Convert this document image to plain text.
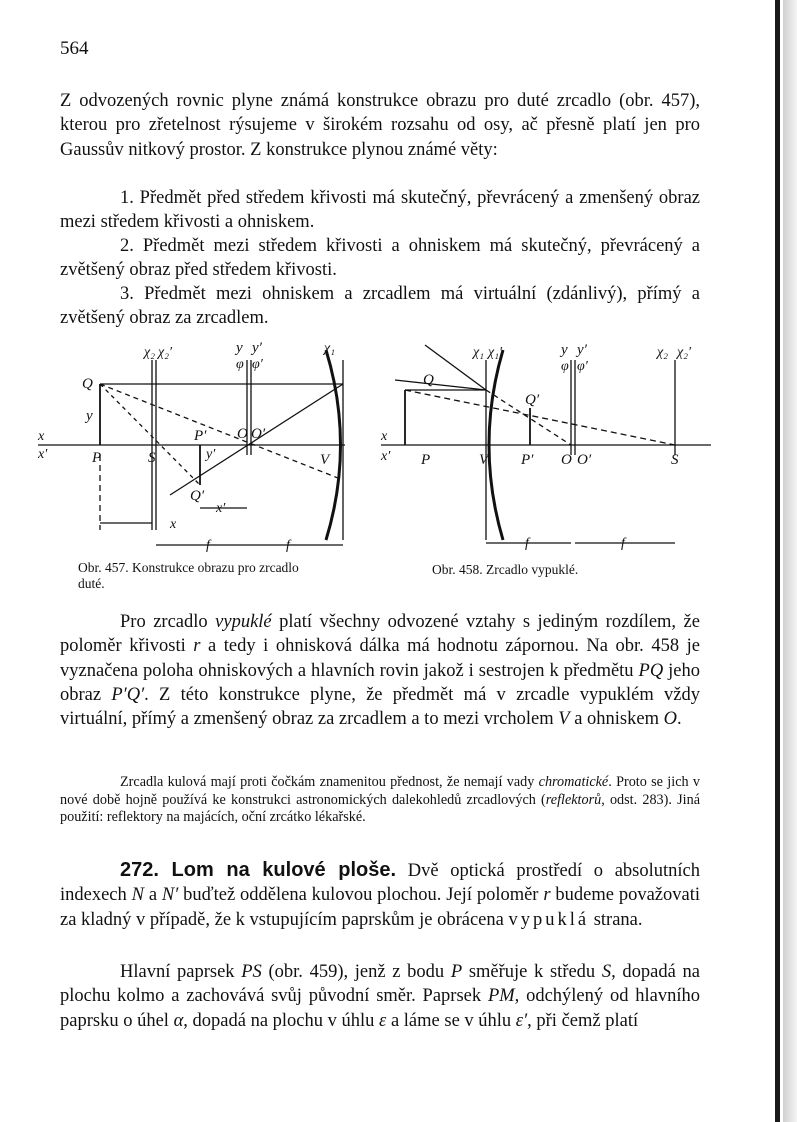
564

Z odvozených rovnic plyne známá konstrukce obrazu pro duté zrcadlo (obr. 457), kterou pro zřetelnost rýsujeme v širokém rozsahu od osy, ač přesně platí jen pro Gaussův nitkový prostor. Z konstrukce plynou známé věty:

1. Předmět před středem křivosti má skutečný, převrácený a zmenšený obraz mezi středem křivosti a ohniskem.

2. Předmět mezi středem křivosti a ohniskem má skutečný, převrácený a zvětšený obraz před středem křivosti.

3. Předmět mezi ohniskem a zrcadlem má virtuální (zdánlivý), přímý a zvětšený obraz za zrcadlem.

χ₂ χ₂′	y y′	χ₁
φ φ′
Q
y
x
x′	P	S
P′ O O′
y′	V
Q′
x
x′
f	f
Obr. 457. Konstrukce obrazu pro zrcadlo duté.
χ₁ χ₁′	y y′	χ₂ χ₂′
φ φ′
Q
Q′
x
x′ P	V P′ O O′	S
f	f
Obr. 458. Zrcadlo vypuklé.

Pro zrcadlo vypuklé platí všechny odvozené vztahy s jediným rozdílem, že poloměr křivosti r a tedy i ohnisková dálka má hodnotu zápornou. Na obr. 458 je vyznačena poloha ohniskových a hlavních rovin jakož i sestrojen k předmětu PQ jeho obraz P′Q′. Z této konstrukce plyne, že předmět má v zrcadle vypuklém vždy virtuální, přímý a zmenšený obraz za zrcadlem a to mezi vrcholem V a ohniskem O.

Zrcadla kulová mají proti čočkám znamenitou přednost, že nemají vady chromatické. Proto se jich v nové době hojně používá ke konstrukci astronomických dalekohledů zrcadlových (reflektorů, odst. 283). Jiná použití: reflektory na majácích, oční zrcátko lékařské.

272. Lom na kulové ploše. Dvě optická prostředí o absolutních indexech N a N′ buďtež oddělena kulovou plochou. Její poloměr r budeme považovati za kladný v případě, že k vstupujícím paprskům je obrácena vypuklá strana.

Hlavní paprsek PS (obr. 459), jenž z bodu P směřuje k středu S, dopadá na plochu kolmo a zachovává svůj původní směr. Paprsek PM, odchýlený od hlavního paprsku o úhel α, dopadá na plochu v úhlu ε a láme se v úhlu ε′, při čemž platí
